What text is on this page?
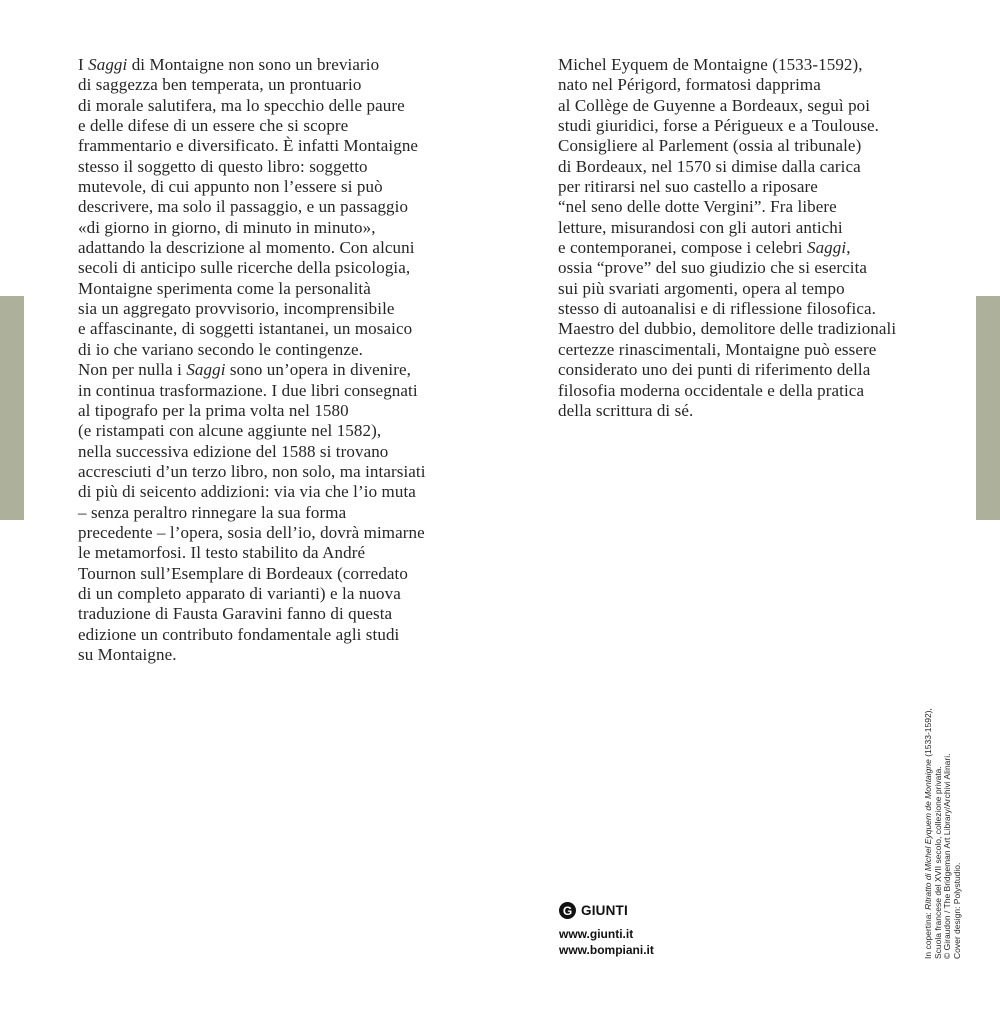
I Saggi di Montaigne non sono un breviario
di saggezza ben temperata, un prontuario
di morale salutifera, ma lo specchio delle paure
e delle difese di un essere che si scopre
frammentario e diversificato. È infatti Montaigne
stesso il soggetto di questo libro: soggetto
mutevole, di cui appunto non l’essere si può
descrivere, ma solo il passaggio, e un passaggio
«di giorno in giorno, di minuto in minuto»,
adattando la descrizione al momento. Con alcuni
secoli di anticipo sulle ricerche della psicologia,
Montaigne sperimenta come la personalità
sia un aggregato provvisorio, incomprensibile
e affascinante, di soggetti istantanei, un mosaico
di io che variano secondo le contingenze.
Non per nulla i Saggi sono un’opera in divenire,
in continua trasformazione. I due libri consegnati
al tipografo per la prima volta nel 1580
(e ristampati con alcune aggiunte nel 1582),
nella successiva edizione del 1588 si trovano
accresciuti d’un terzo libro, non solo, ma intarsiati
di più di seicento addizioni: via via che l’io muta
– senza peraltro rinnegare la sua forma
precedente – l’opera, sosia dell’io, dovrà mimarne
le metamorfosi. Il testo stabilito da André
Tournon sull’Esemplare di Bordeaux (corredato
di un completo apparato di varianti) e la nuova
traduzione di Fausta Garavini fanno di questa
edizione un contributo fondamentale agli studi
su Montaigne.
Michel Eyquem de Montaigne (1533-1592),
nato nel Périgord, formatosi dapprima
al Collège de Guyenne a Bordeaux, seguì poi
studi giuridici, forse a Périgueux e a Toulouse.
Consigliere al Parlement (ossia al tribunale)
di Bordeaux, nel 1570 si dimise dalla carica
per ritirarsi nel suo castello a riposare
“nel seno delle dotte Vergini”. Fra libere
letture, misurandosi con gli autori antichi
e contemporanei, compose i celebri Saggi,
ossia “prove” del suo giudizio che si esercita
sui più svariati argomenti, opera al tempo
stesso di autoanalisi e di riflessione filosofica.
Maestro del dubbio, demolitore delle tradizionali
certezze rinascimentali, Montaigne può essere
considerato uno dei punti di riferimento della
filosofia moderna occidentale e della pratica
della scrittura di sé.
G GIUNTI
www.giunti.it
www.bompiani.it	In copertina: Ritratto di Michel Eyquem de Montaigne (1533-1592),
Scuola francese del XVII secolo, collezione privata. © Giraudon / The Bridgeman Art Library/Archivi Alinari. Cover design: Polystudio.
